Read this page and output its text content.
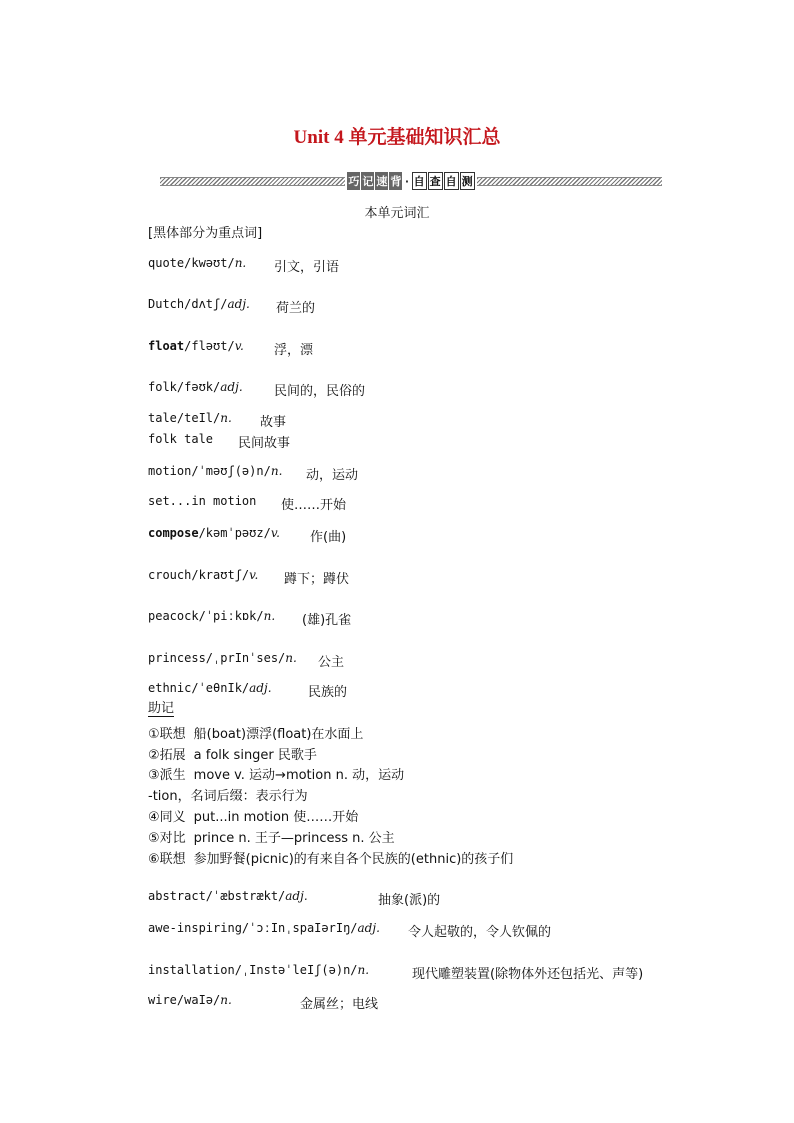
Unit 4 单元基础知识汇总
巧 记 速 背 · 自 查 自 测
本单元词汇
[黑体部分为重点词]
quote/kwəʊt/n. 引文，引语
Dutch/dʌtʃ/adj. 荷兰的
float/fləʊt/v. 浮，漂
folk/fəʊk/adj. 民间的，民俗的
tale/teIl/n. 故事
folk tale 民间故事
motion/ˈməʊʃ(ə)n/n. 动，运动
set...in motion 使……开始
compose/kəmˈpəʊz/v. 作(曲)
crouch/kraʊtʃ/v. 蹲下；蹲伏
peacock/ˈpiːkɒk/n. (雄)孔雀
princess/ˌprInˈses/n. 公主
ethnic/ˈeθnIk/adj.	民族的
助记
①联想 船(boat)漂浮(float)在水面上
②拓展 a folk singer 民歌手
③派生 move v. 运动→motion n. 动，运动
-tion，名词后缀：表示行为
④同义 put...in motion 使……开始
⑤对比 prince n. 王子—princess n. 公主
⑥联想 参加野餐(picnic)的有来自各个民族的(ethnic)的孩子们
abstract/ˈæbstrækt/adj.	抽象(派)的
awe-inspiring/ˈɔːInˌspaIərIŋ/adj. 令人起敬的，令人钦佩的
installation/ˌInstəˈleIʃ(ə)n/n.	现代雕塑装置(除物体外还包括光、声等)
wire/waIə/n.	金属丝；电线
